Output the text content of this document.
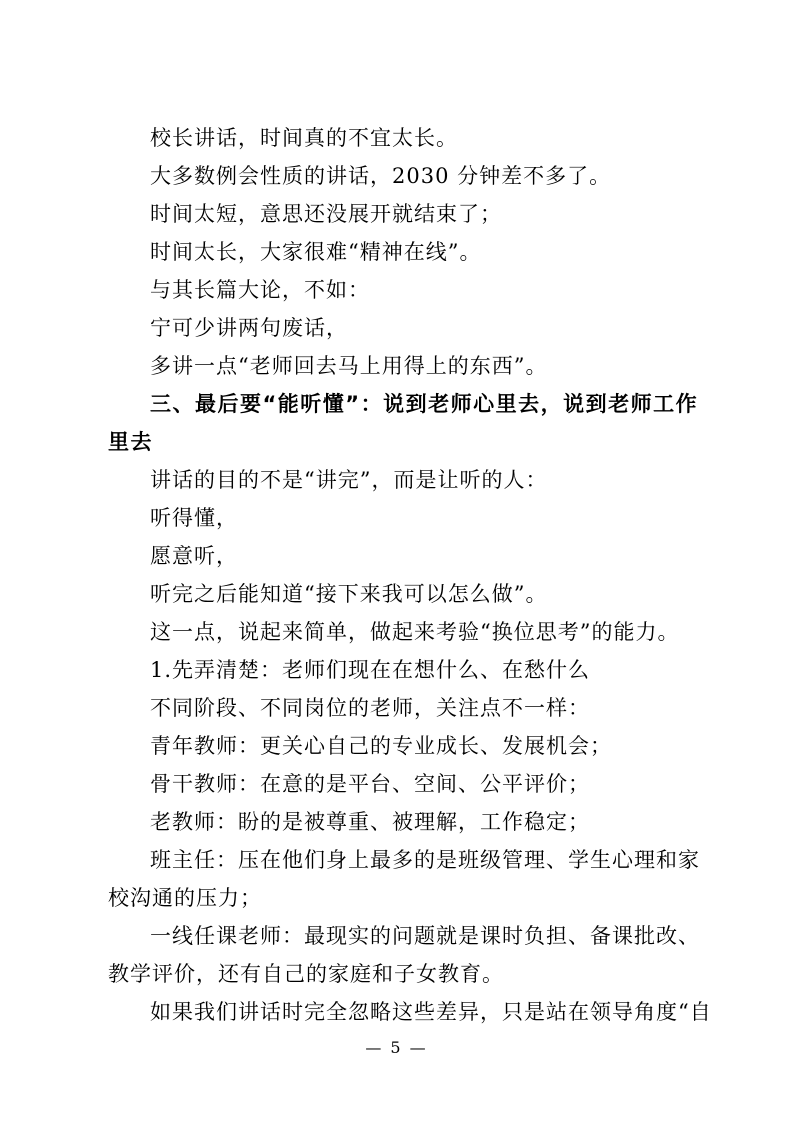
校长讲话，时间真的不宜太长。
大多数例会性质的讲话，2030 分钟差不多了。
时间太短，意思还没展开就结束了；
时间太长，大家很难“精神在线”。
与其长篇大论，不如：
宁可少讲两句废话，
多讲一点“老师回去马上用得上的东西”。
三、最后要“能听懂”：说到老师心里去，说到老师工作
里去
讲话的目的不是“讲完”，而是让听的人：
听得懂，
愿意听，
听完之后能知道“接下来我可以怎么做”。
这一点，说起来简单，做起来考验“换位思考”的能力。
1.先弄清楚：老师们现在在想什么、在愁什么
不同阶段、不同岗位的老师，关注点不一样：
青年教师：更关心自己的专业成长、发展机会；
骨干教师：在意的是平台、空间、公平评价；
老教师：盼的是被尊重、被理解，工作稳定；
班主任：压在他们身上最多的是班级管理、学生心理和家
校沟通的压力；
一线任课老师：最现实的问题就是课时负担、备课批改、
教学评价，还有自己的家庭和子女教育。
如果我们讲话时完全忽略这些差异，只是站在领导角度“自
— 5 —
